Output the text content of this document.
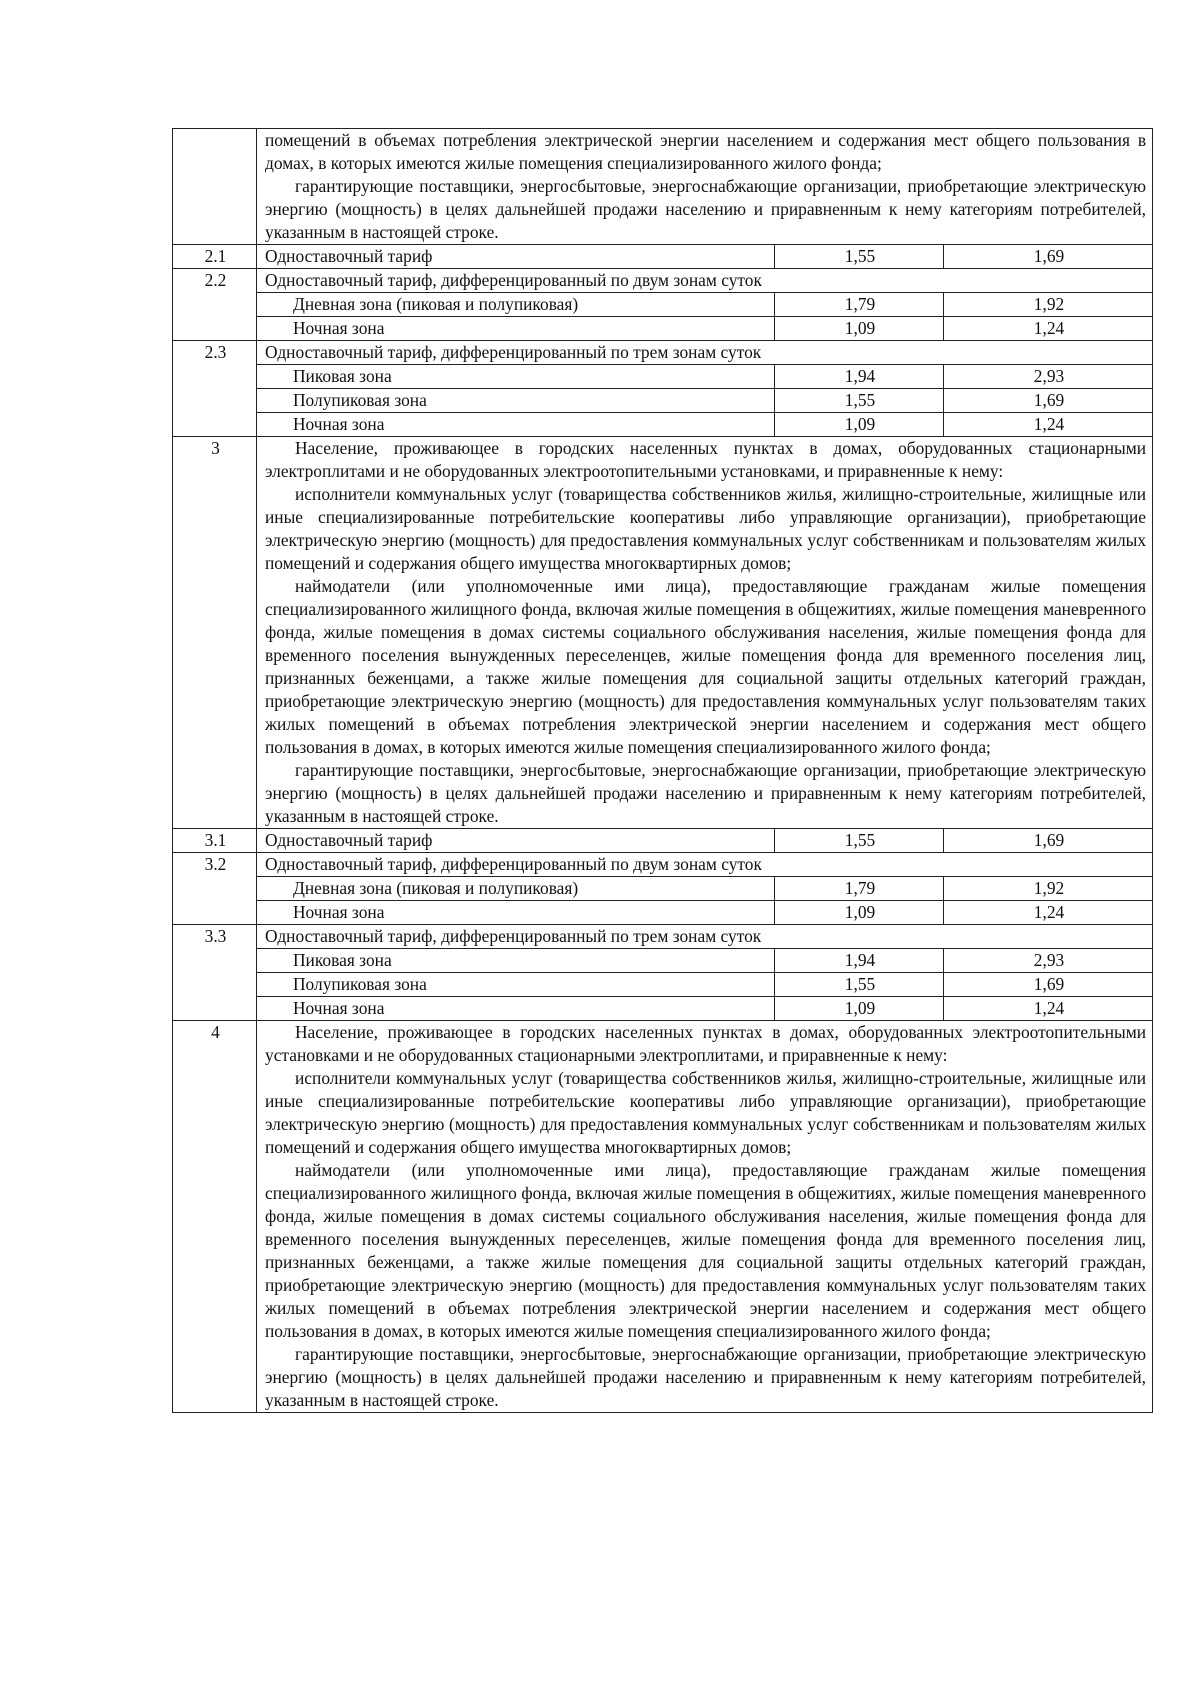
	помещений в объемах потребления электрической энергии населением и содержания мест общего пользования в домах, в которых имеются жилые помещения специализированного жилого фонда;

гарантирующие поставщики, энергосбытовые, энергоснабжающие организации, приобретающие электрическую энергию (мощность) в целях дальнейшей продажи населению и приравненным к нему категориям потребителей, указанным в настоящей строке.		

2.1	Одноставочный тариф	1,55	1,69
2.2	Одноставочный тариф, дифференцированный по двум зонам суток		
	Дневная зона (пиковая и полупиковая)	1,79	1,92
	Ночная зона	1,09	1,24
2.3	Одноставочный тариф, дифференцированный по трем зонам суток		
	Пиковая зона	1,94	2,93
	Полупиковая зона	1,55	1,69
	Ночная зона	1,09	1,24
3	Население, проживающее в городских населенных пунктах в домах, оборудованных стационарными электроплитами и не оборудованных электроотопительными установками, и приравненные к нему:

исполнители коммунальных услуг (товарищества собственников жилья, жилищно-строительные, жилищные или иные специализированные потребительские кооперативы либо управляющие организации), приобретающие электрическую энергию (мощность) для предоставления коммунальных услуг собственникам и пользователям жилых помещений и содержания общего имущества многоквартирных домов;

наймодатели (или уполномоченные ими лица), предоставляющие гражданам жилые помещения специализированного жилищного фонда, включая жилые помещения в общежитиях, жилые помещения маневренного фонда, жилые помещения в домах системы социального обслуживания населения, жилые помещения фонда для временного поселения вынужденных переселенцев, жилые помещения фонда для временного поселения лиц, признанных беженцами, а также жилые помещения для социальной защиты отдельных категорий граждан, приобретающие электрическую энергию (мощность) для предоставления коммунальных услуг пользователям таких жилых помещений в объемах потребления электрической энергии населением и содержания мест общего пользования в домах, в которых имеются жилые помещения специализированного жилого фонда;

гарантирующие поставщики, энергосбытовые, энергоснабжающие организации, приобретающие электрическую энергию (мощность) в целях дальнейшей продажи населению и приравненным к нему категориям потребителей, указанным в настоящей строке.		

3.1	Одноставочный тариф	1,55	1,69
3.2	Одноставочный тариф, дифференцированный по двум зонам суток		
	Дневная зона (пиковая и полупиковая)	1,79	1,92
	Ночная зона	1,09	1,24
3.3	Одноставочный тариф, дифференцированный по трем зонам суток		
	Пиковая зона	1,94	2,93
	Полупиковая зона	1,55	1,69
	Ночная зона	1,09	1,24
4	Население, проживающее в городских населенных пунктах в домах, оборудованных электроотопительными установками и не оборудованных стационарными электроплитами, и приравненные к нему:

исполнители коммунальных услуг (товарищества собственников жилья, жилищно-строительные, жилищные или иные специализированные потребительские кооперативы либо управляющие организации), приобретающие электрическую энергию (мощность) для предоставления коммунальных услуг собственникам и пользователям жилых помещений и содержания общего имущества многоквартирных домов;

наймодатели (или уполномоченные ими лица), предоставляющие гражданам жилые помещения специализированного жилищного фонда, включая жилые помещения в общежитиях, жилые помещения маневренного фонда, жилые помещения в домах системы социального обслуживания населения, жилые помещения фонда для временного поселения вынужденных переселенцев, жилые помещения фонда для временного поселения лиц, признанных беженцами, а также жилые помещения для социальной защиты отдельных категорий граждан, приобретающие электрическую энергию (мощность) для предоставления коммунальных услуг пользователям таких жилых помещений в объемах потребления электрической энергии населением и содержания мест общего пользования в домах, в которых имеются жилые помещения специализированного жилого фонда;

гарантирующие поставщики, энергосбытовые, энергоснабжающие организации, приобретающие электрическую энергию (мощность) в целях дальнейшей продажи населению и приравненным к нему категориям потребителей, указанным в настоящей строке.		
